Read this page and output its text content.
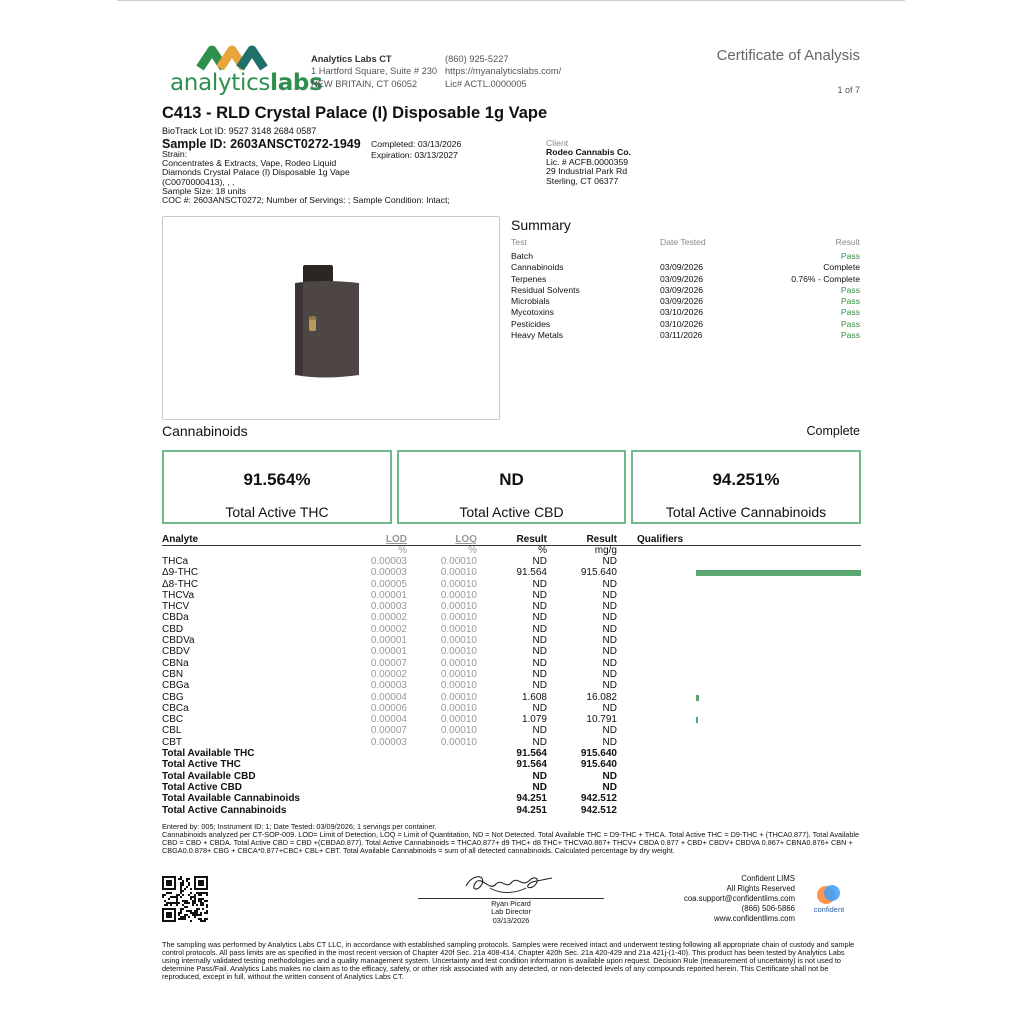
analyticslabs
Analytics Labs CT
1 Hartford Square, Suite # 230
NEW BRITAIN, CT 06052
(860) 925-5227
https://myanalyticslabs.com/
Lic# ACTL.0000005
Certificate of Analysis
1 of 7
C413 - RLD Crystal Palace (I) Disposable 1g Vape
BioTrack Lot ID: 9527 3148 2684 0587
Sample ID: 2603ANSCT0272-1949
Strain:
Concentrates & Extracts, Vape, Rodeo Liquid Diamonds Crystal Palace (I) Disposable 1g Vape (C0070000413), , ,
Sample Size: 18 units
COC #: 2603ANSCT0272; Number of Servings: ; Sample Condition: Intact;
Completed: 03/13/2026
Expiration: 03/13/2027
Client
Rodeo Cannabis Co.
Lic. # ACFB.0000359
29 Industrial Park Rd
Sterling, CT 06377
Summary
Test	Date Tested	Result
Batch	Pass
Cannabinoids	03/09/2026	Complete
Terpenes	03/09/2026	0.76% - Complete
Residual Solvents	03/09/2026	Pass
Microbials	03/09/2026	Pass
Mycotoxins	03/10/2026	Pass
Pesticides	03/10/2026	Pass
Heavy Metals	03/11/2026	Pass
Cannabinoids	Complete
91.564%
Total Active THC
ND
Total Active CBD
94.251%
Total Active Cannabinoids
Analyte	LOD	LOQ	Result	Result Qualifiers
%	%	%	mg/g
THCa	0.00003	0.00010	ND	ND
Δ9-THC	0.00003	0.00010	91.564	915.640
Δ8-THC	0.00005	0.00010	ND	ND
THCVa	0.00001	0.00010	ND	ND
THCV	0.00003	0.00010	ND	ND
CBDa	0.00002	0.00010	ND	ND
CBD	0.00002	0.00010	ND	ND
CBDVa	0.00001	0.00010	ND	ND
CBDV	0.00001	0.00010	ND	ND
CBNa	0.00007	0.00010	ND	ND
CBN	0.00002	0.00010	ND	ND
CBGa	0.00003	0.00010	ND	ND
CBG	0.00004	0.00010	1.608	16.082
CBCa	0.00006	0.00010	ND	ND
CBC	0.00004	0.00010	1.079	10.791
CBL	0.00007	0.00010	ND	ND
CBT	0.00003	0.00010	ND	ND
Total Available THC	91.564	915.640
Total Active THC	91.564	915.640
Total Available CBD	ND	ND
Total Active CBD	ND	ND
Total Available Cannabinoids	94.251	942.512
Total Active Cannabinoids	94.251	942.512
Entered by: 005; Instrument ID: 1; Date Tested: 03/09/2026; 1 servings per container.
Cannabinoids analyzed per CT-SOP-009. LOD= Limit of Detection, LOQ = Limit of Quantitation, ND = Not Detected. Total Available THC = D9-THC + THCA. Total Active THC = D9-THC + (THCA0.877). Total Available CBD = CBD + CBDA. Total Active CBD = CBD +(CBDA0.877). Total Active Cannabinoids = THCA0.877+ d9 THC+ d8 THC+ THCVA0.867+ THCV+ CBDA 0.877 + CBD+ CBDV+ CBDVA 0.867+ CBNA0.876+ CBN + CBGA0.0.878+ CBG + CBCA*0.877+CBC+ CBL+ CBT. Total Available Cannabinoids = sum of all detected cannabinoids. Calculated percentage by dry weight.
Ryan Picard
Lab Director
03/13/2026
Confident LIMS
All Rights Reserved
coa.support@confidentlims.com
(866) 506-5866
www.confidentlims.com
confident
The sampling was performed by Analytics Labs CT LLC, in accordance with established sampling protocols. Samples were received intact and underwent testing following all appropriate chain of custody and sample control protocols. All pass limits are as specified in the most recent version of Chapter 420f Sec. 21a 408-414, Chapter 420h Sec. 21a 420-429 and 21a 421j-(1-40). This product has been tested by Analytics Labs using internally validated testing methodologies and a quality management system. Uncertainty and test condition information is available upon request. Decision Rule (measurement of uncertainty) is not used to determine Pass/Fail. Analytics Labs makes no claim as to the efficacy, safety, or other risk associated with any detected, or non-detected levels of any compounds reported herein. This Certificate shall not be reproduced, except in full, without the written consent of Analytics Labs CT.
